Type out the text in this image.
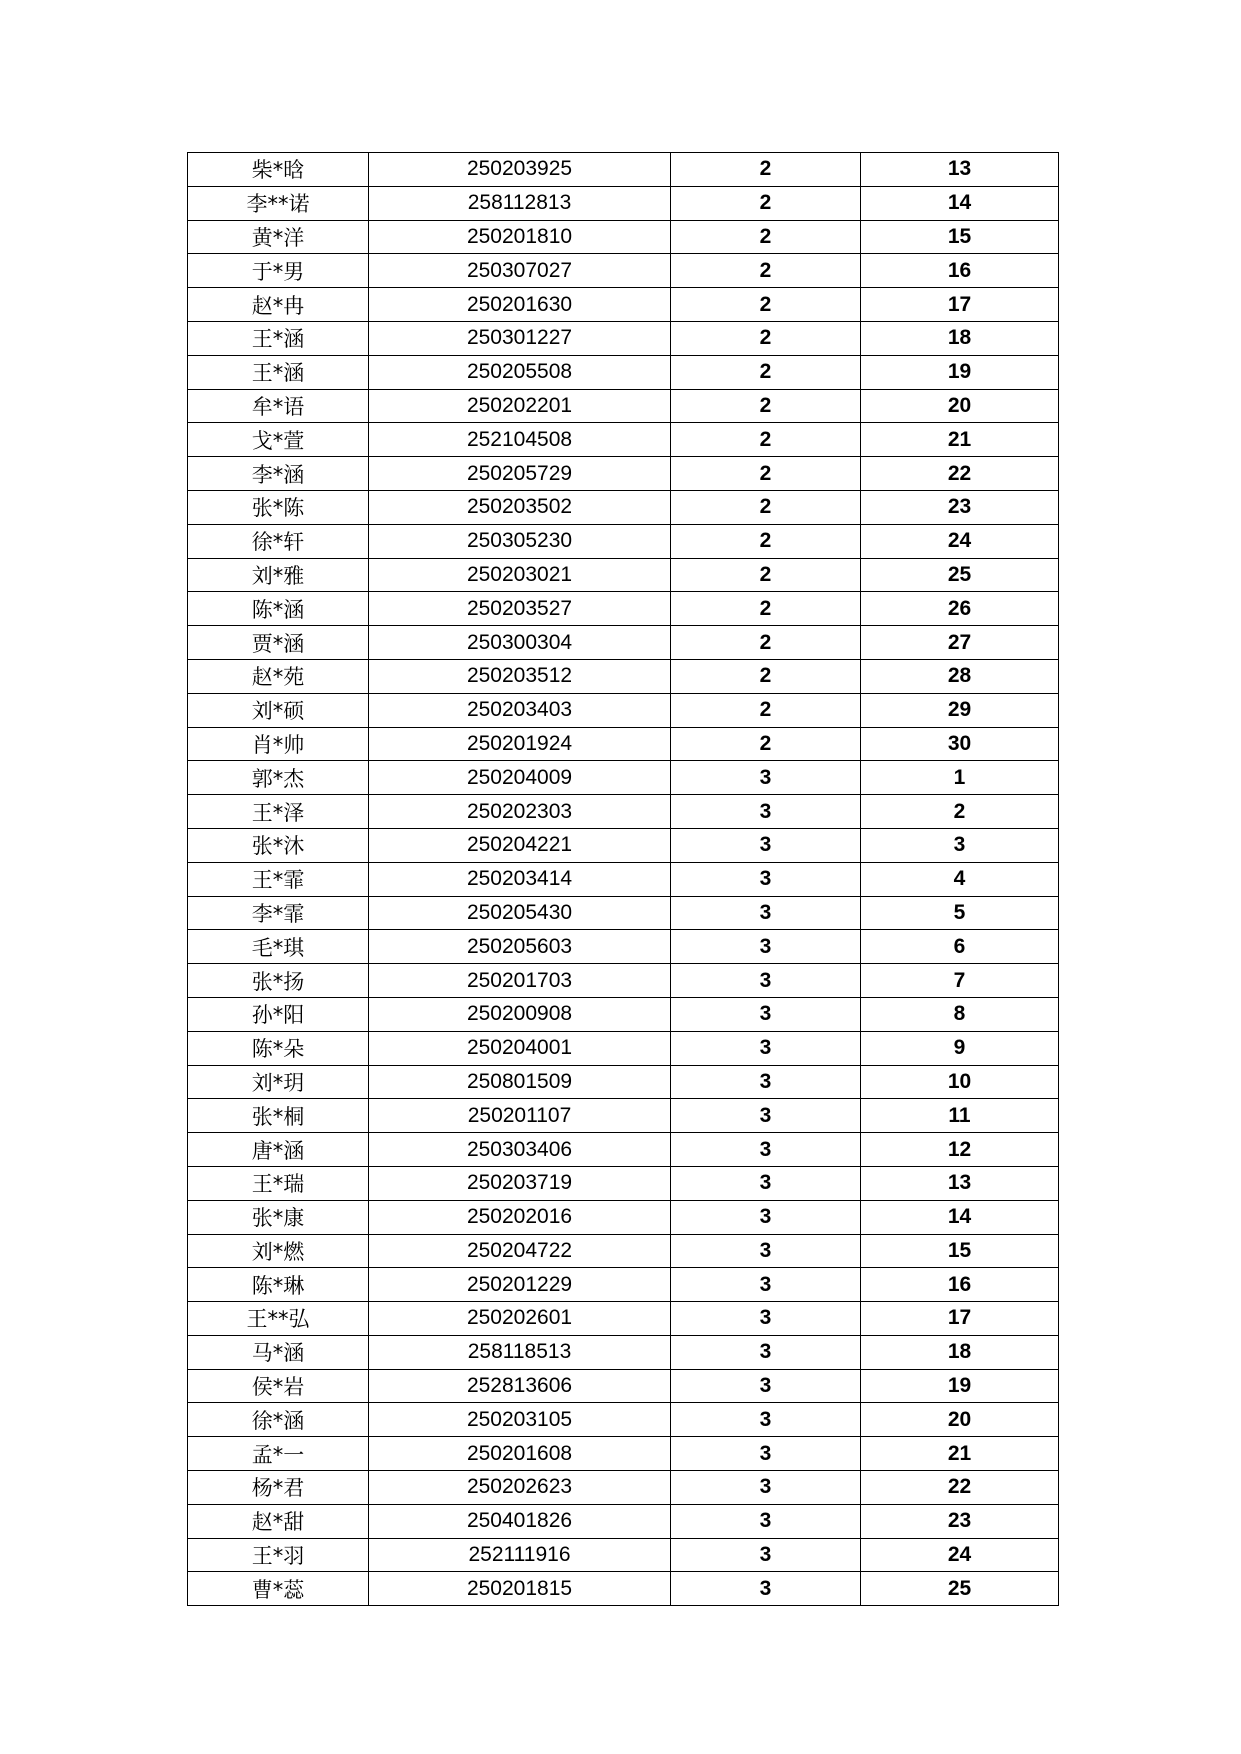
柴*晗	250203925	2	13
李**诺	258112813	2	14
黄*洋	250201810	2	15
于*男	250307027	2	16
赵*冉	250201630	2	17
王*涵	250301227	2	18
王*涵	250205508	2	19
牟*语	250202201	2	20
戈*萱	252104508	2	21
李*涵	250205729	2	22
张*陈	250203502	2	23
徐*轩	250305230	2	24
刘*雅	250203021	2	25
陈*涵	250203527	2	26
贾*涵	250300304	2	27
赵*苑	250203512	2	28
刘*硕	250203403	2	29
肖*帅	250201924	2	30
郭*杰	250204009	3	1
王*泽	250202303	3	2
张*沐	250204221	3	3
王*霏	250203414	3	4
李*霏	250205430	3	5
毛*琪	250205603	3	6
张*扬	250201703	3	7
孙*阳	250200908	3	8
陈*朵	250204001	3	9
刘*玥	250801509	3	10
张*桐	250201107	3	11
唐*涵	250303406	3	12
王*瑞	250203719	3	13
张*康	250202016	3	14
刘*燃	250204722	3	15
陈*琳	250201229	3	16
王**弘	250202601	3	17
马*涵	258118513	3	18
侯*岩	252813606	3	19
徐*涵	250203105	3	20
孟*一	250201608	3	21
杨*君	250202623	3	22
赵*甜	250401826	3	23
王*羽	252111916	3	24
曹*蕊	250201815	3	25
